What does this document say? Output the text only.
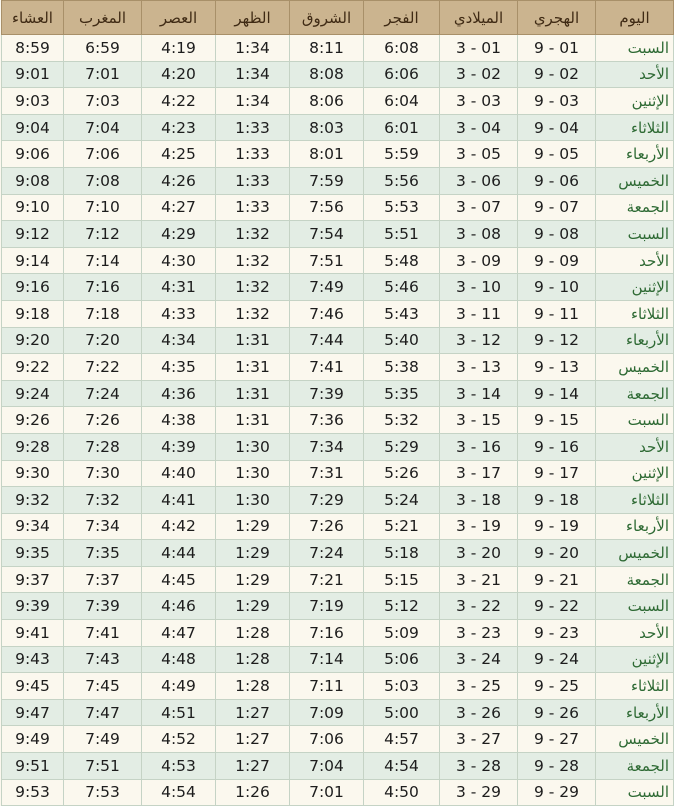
اليوم	الهجري	الميلادي	الفجر	الشروق	الظهر	العصر	المغرب	العشاء
السبت	9 - 01	3 - 01	6:08	8:11	1:34	4:19	6:59	8:59
الأحد	9 - 02	3 - 02	6:06	8:08	1:34	4:20	7:01	9:01
الإثنين	9 - 03	3 - 03	6:04	8:06	1:34	4:22	7:03	9:03
الثلاثاء	9 - 04	3 - 04	6:01	8:03	1:33	4:23	7:04	9:04
الأربعاء	9 - 05	3 - 05	5:59	8:01	1:33	4:25	7:06	9:06
الخميس	9 - 06	3 - 06	5:56	7:59	1:33	4:26	7:08	9:08
الجمعة	9 - 07	3 - 07	5:53	7:56	1:33	4:27	7:10	9:10
السبت	9 - 08	3 - 08	5:51	7:54	1:32	4:29	7:12	9:12
الأحد	9 - 09	3 - 09	5:48	7:51	1:32	4:30	7:14	9:14
الإثنين	9 - 10	3 - 10	5:46	7:49	1:32	4:31	7:16	9:16
الثلاثاء	9 - 11	3 - 11	5:43	7:46	1:32	4:33	7:18	9:18
الأربعاء	9 - 12	3 - 12	5:40	7:44	1:31	4:34	7:20	9:20
الخميس	9 - 13	3 - 13	5:38	7:41	1:31	4:35	7:22	9:22
الجمعة	9 - 14	3 - 14	5:35	7:39	1:31	4:36	7:24	9:24
السبت	9 - 15	3 - 15	5:32	7:36	1:31	4:38	7:26	9:26
الأحد	9 - 16	3 - 16	5:29	7:34	1:30	4:39	7:28	9:28
الإثنين	9 - 17	3 - 17	5:26	7:31	1:30	4:40	7:30	9:30
الثلاثاء	9 - 18	3 - 18	5:24	7:29	1:30	4:41	7:32	9:32
الأربعاء	9 - 19	3 - 19	5:21	7:26	1:29	4:42	7:34	9:34
الخميس	9 - 20	3 - 20	5:18	7:24	1:29	4:44	7:35	9:35
الجمعة	9 - 21	3 - 21	5:15	7:21	1:29	4:45	7:37	9:37
السبت	9 - 22	3 - 22	5:12	7:19	1:29	4:46	7:39	9:39
الأحد	9 - 23	3 - 23	5:09	7:16	1:28	4:47	7:41	9:41
الإثنين	9 - 24	3 - 24	5:06	7:14	1:28	4:48	7:43	9:43
الثلاثاء	9 - 25	3 - 25	5:03	7:11	1:28	4:49	7:45	9:45
الأربعاء	9 - 26	3 - 26	5:00	7:09	1:27	4:51	7:47	9:47
الخميس	9 - 27	3 - 27	4:57	7:06	1:27	4:52	7:49	9:49
الجمعة	9 - 28	3 - 28	4:54	7:04	1:27	4:53	7:51	9:51
السبت	9 - 29	3 - 29	4:50	7:01	1:26	4:54	7:53	9:53
